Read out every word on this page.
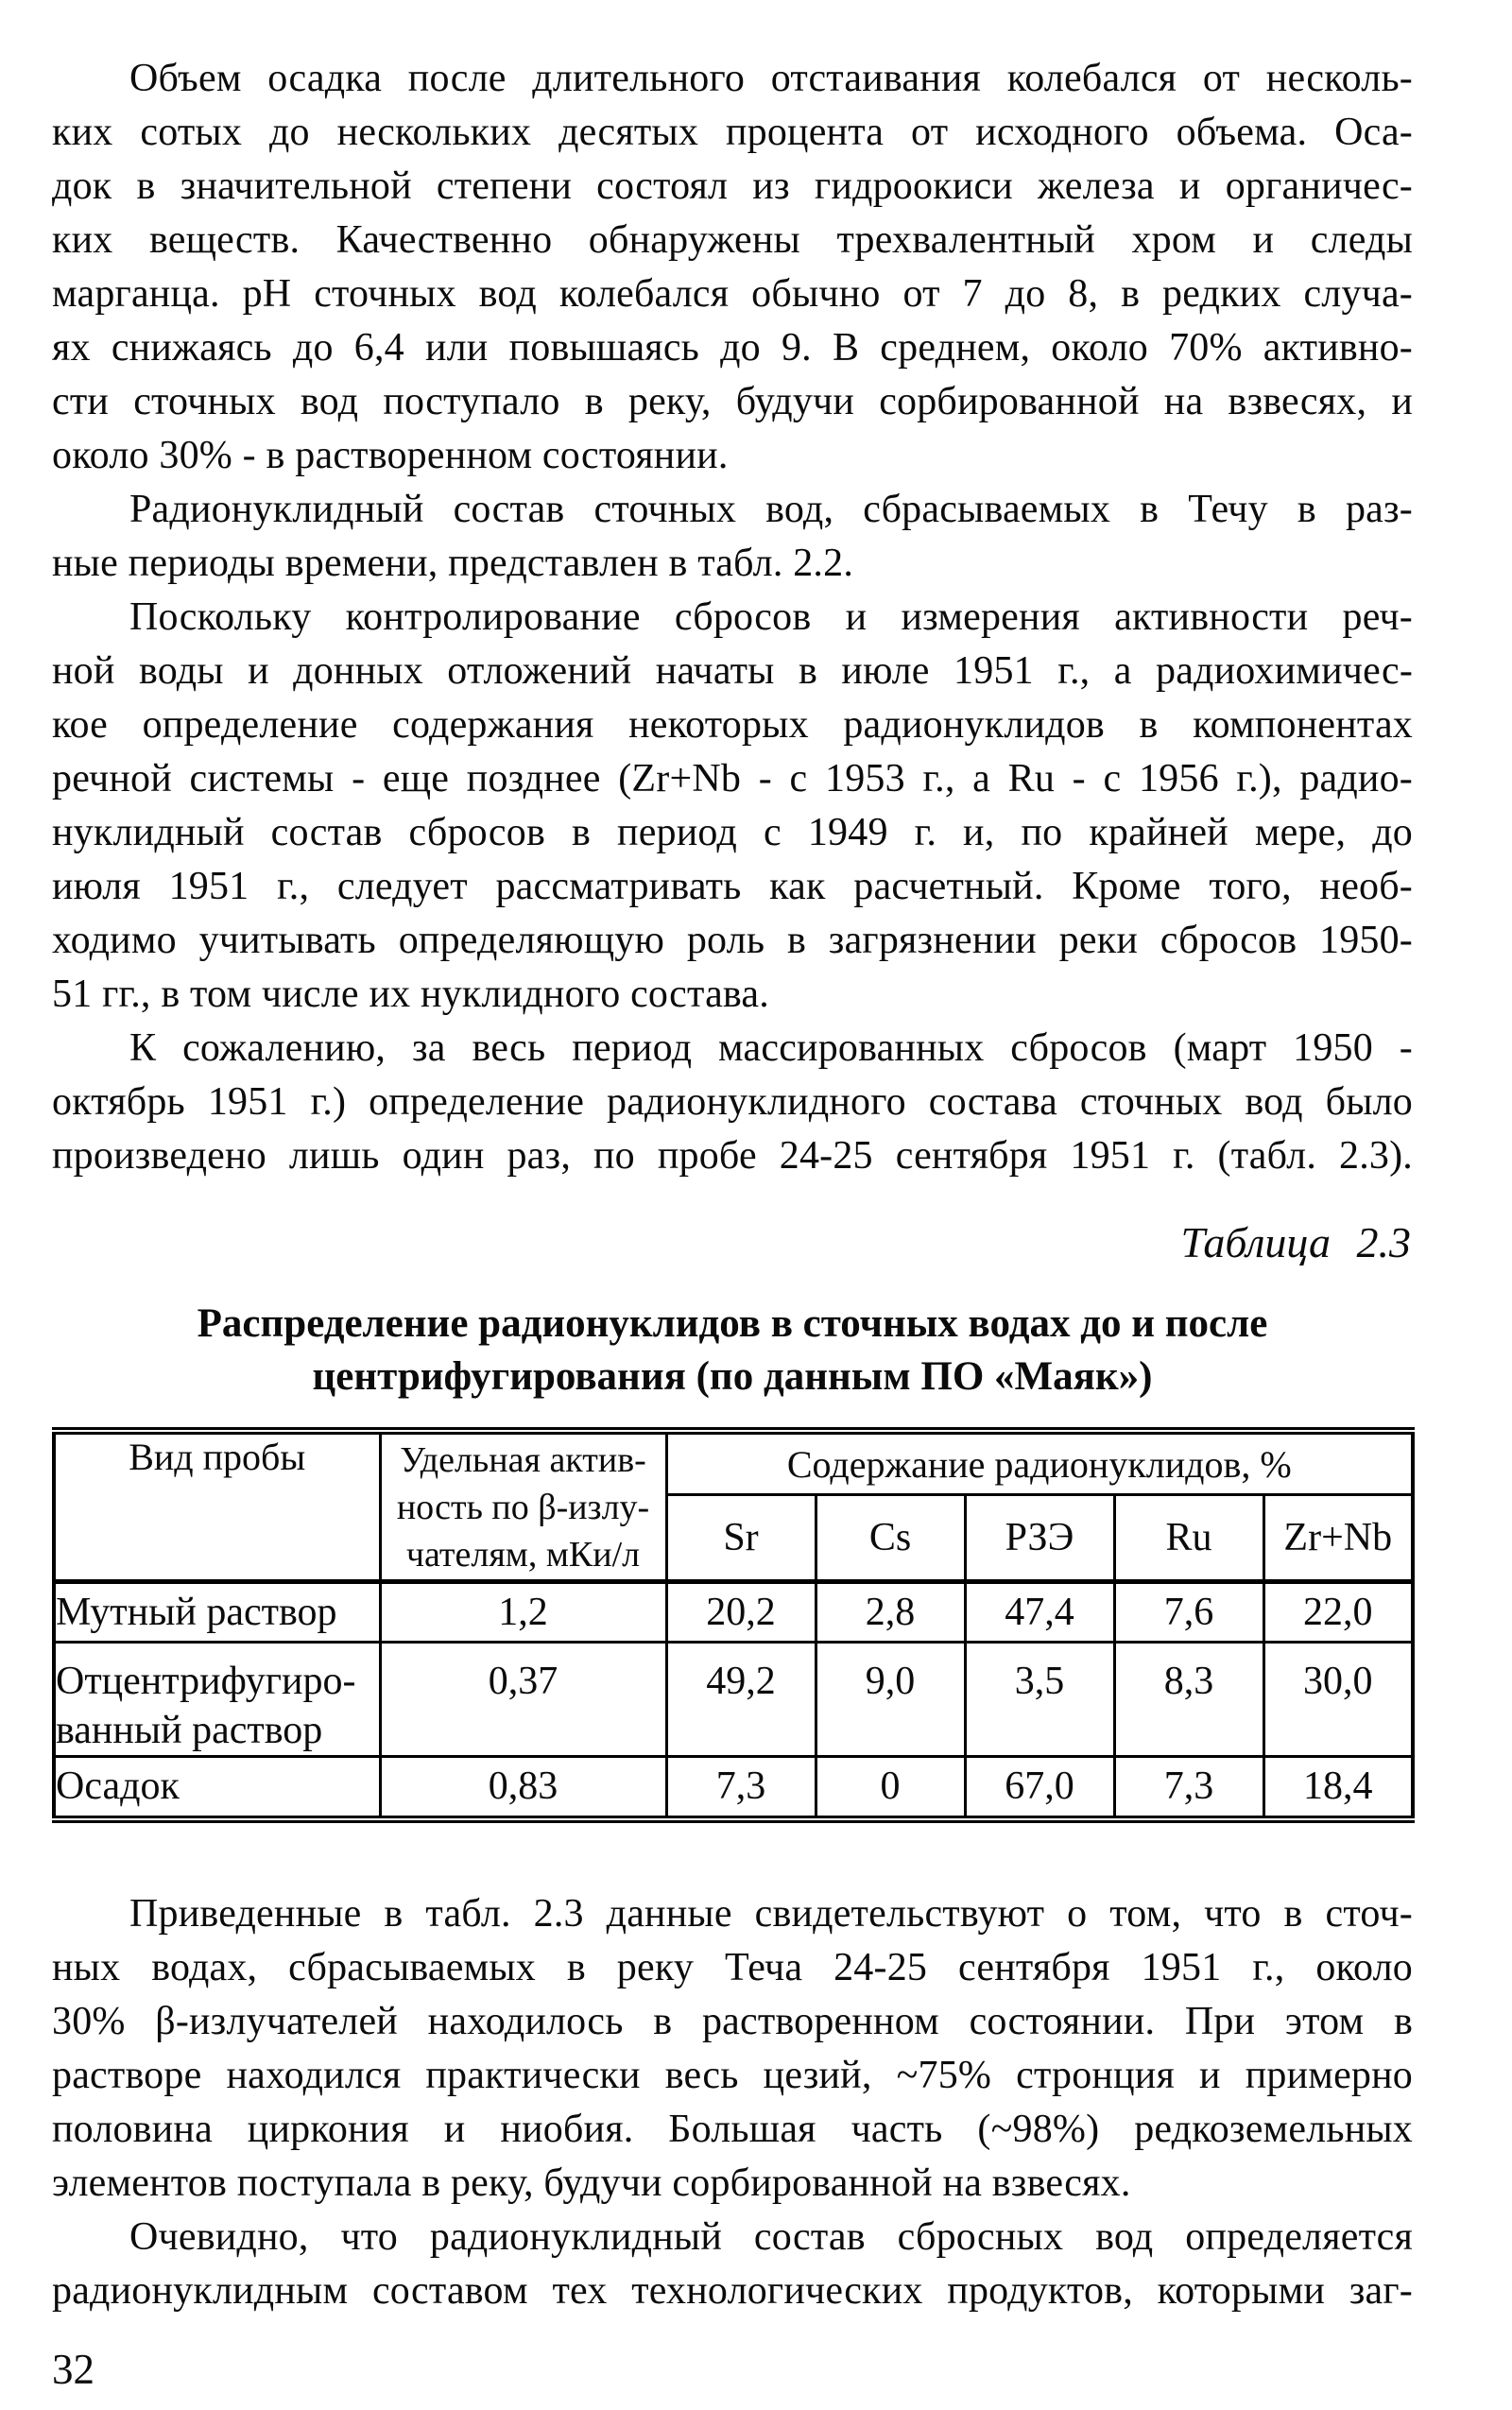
Объем осадка после длительного отстаивания колебался от несколь-
ких сотых до нескольких десятых процента от исходного объема. Оса-
док в значительной степени состоял из гидроокиси железа и органичес-
ких веществ. Качественно обнаружены трехвалентный хром и следы
марганца. pH сточных вод колебался обычно от 7 до 8, в редких случа-
ях снижаясь до 6,4 или повышаясь до 9. В среднем, около 70% активно-
сти сточных вод поступало в реку, будучи сорбированной на взвесях, и
около 30% - в растворенном состоянии.
Радионуклидный состав сточных вод, сбрасываемых в Течу в раз-
ные периоды времени, представлен в табл. 2.2.
Поскольку контролирование сбросов и измерения активности реч-
ной воды и донных отложений начаты в июле 1951 г., а радиохимичес-
кое определение содержания некоторых радионуклидов в компонентах
речной системы - еще позднее (Zr+Nb - с 1953 г., а Ru - с 1956 г.), радио-
нуклидный состав сбросов в период с 1949 г. и, по крайней мере, до
июля 1951 г., следует рассматривать как расчетный. Кроме того, необ-
ходимо учитывать определяющую роль в загрязнении реки сбросов 1950-
51 гг., в том числе их нуклидного состава.
К сожалению, за весь период массированных сбросов (март 1950 -
октябрь 1951 г.) определение радионуклидного состава сточных вод было
произведено лишь один раз, по пробе 24-25 сентября 1951 г. (табл. 2.3).
Таблица 2.3
Распределение радионуклидов в сточных водах до и после
центрифугирования (по данным ПО «Маяк»)
Вид пробы	Удельная актив-
ность по β-излу-
чателям, мКи/л	Содержание радионуклидов, %				
		Sr	Cs	РЗЭ	Ru	Zr+Nb

Мутный раствор	1,2	20,2	2,8	47,4	7,6	22,0

Отцентрифугиро-
ванный раствор	0,37	49,2	9,0	3,5	8,3	30,0

Осадок	0,83	7,3	0	67,0	7,3	18,4
Приведенные в табл. 2.3 данные свидетельствуют о том, что в сточ-
ных водах, сбрасываемых в реку Теча 24-25 сентября 1951 г., около
30% β-излучателей находилось в растворенном состоянии. При этом в
растворе находился практически весь цезий, ~75% стронция и примерно
половина циркония и ниобия. Большая часть (~98%) редкоземельных
элементов поступала в реку, будучи сорбированной на взвесях.
Очевидно, что радионуклидный состав сбросных вод определяется
радионуклидным составом тех технологических продуктов, которыми заг-
32
